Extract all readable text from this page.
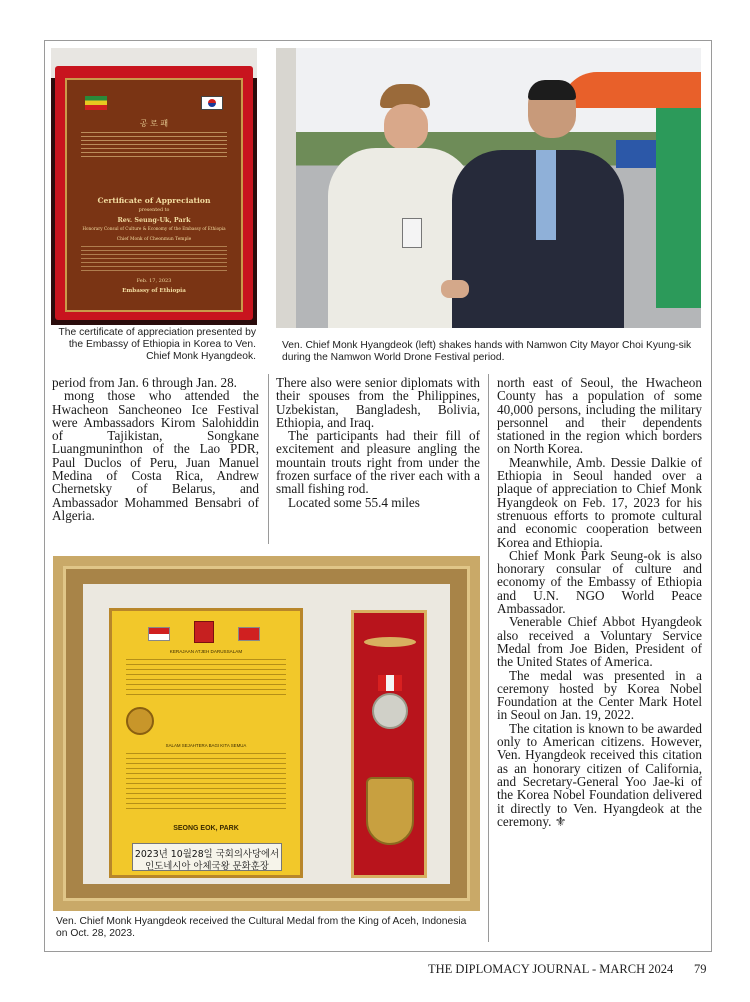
공 로 패
Certificate of Appreciation
presented to
Rev. Seung-Uk, Park
Honorary Consul of Culture & Economy of the Embassy of Ethiopia
Chief Monk of Cheonmun Temple
Feb. 17, 2023
Embassy of Ethiopia
The certificate of appreciation presented by the Embassy of Ethiopia in Korea to Ven. Chief Monk Hyangdeok.
Ven. Chief Monk Hyangdeok (left) shakes hands with Namwon City Mayor Choi Kyung-sik during the Namwon World Drone Festival period.

period from Jan. 6 through Jan. 28.

mong those who attended the Hwacheon Sancheoneo Ice Festival were Ambassadors Kirom Salohiddin of Tajikistan, Songkane Luangmuninthon of the Lao PDR, Paul Duclos of Peru, Juan Manuel Medina of Costa Rica, Andrew Chernetsky of Belarus, and Ambassador Mohammed Bensabri of Algeria.

There also were senior diplomats with their spouses from the Philippines, Uzbekistan, Bangladesh, Bolivia, Ethiopia, and Iraq.

The participants had their fill of excitement and pleasure angling the mountain trouts right from under the frozen surface of the river each with a small fishing rod.

Located some 55.4 miles

north east of Seoul, the Hwacheon County has a population of some 40,000 persons, including the military personnel and their dependents stationed in the region which borders on North Korea.

Meanwhile, Amb. Dessie Dalkie of Ethiopia in Seoul handed over a plaque of appreciation to Chief Monk Hyangdeok on Feb. 17, 2023 for his strenuous efforts to promote cultural and economic cooperation between Korea and Ethiopia.

Chief Monk Park Seung-ok is also honorary consular of culture and economy of the Embassy of Ethiopia and U.N. NGO World Peace Ambassador.

Venerable Chief Abbot Hyangdeok also received a Voluntary Service Medal from Joe Biden, President of the United States of America.

The medal was presented in a ceremony hosted by Korea Nobel Foundation at the Center Mark Hotel in Seoul on Jan. 19, 2022.

The citation is known to be awarded only to American citizens. However, Ven. Hyangdeok received this citation as an honorary citizen of California, and Secretary-General Yoo Jae-ki of the Korea Nobel Foundation delivered it directly to Ven. Hyangdeok at the ceremony. ⚜

KERAJAAN ATJEH DARUSSALAM
SALAM SEJAHTERA BAGI KITA SEMUA
SEONG EOK, PARK
2023년 10월28일 국회의사당에서
인도네시아 아체국왕 문화훈장
Ven. Chief Monk Hyangdeok received the Cultural Medal from the King of Aceh, Indonesia on Oct. 28, 2023.
THE DIPLOMACY JOURNAL - MARCH 2024	79
